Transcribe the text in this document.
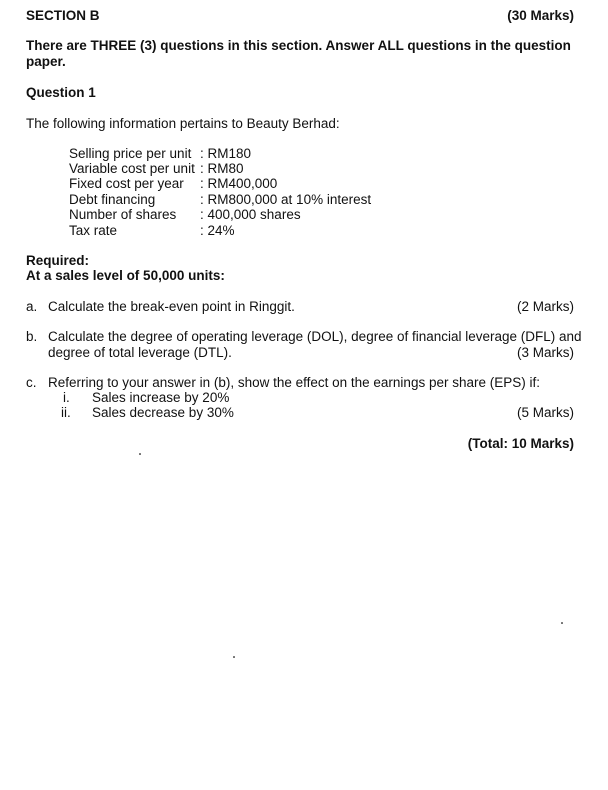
SECTION B	(30 Marks)
There are THREE (3) questions in this section. Answer ALL questions in the question
paper.
Question 1
The following information pertains to Beauty Berhad:
Selling price per unit : RM180
Variable cost per unit : RM80
Fixed cost per year : RM400,000
Debt financing	: RM800,000 at 10% interest
Number of shares : 400,000 shares
Tax rate	: 24%
Required:
At a sales level of 50,000 units:
a. Calculate the break-even point in Ringgit.	(2 Marks)
b. Calculate the degree of operating leverage (DOL), degree of financial leverage (DFL) and
degree of total leverage (DTL).	(3 Marks)
c. Referring to your answer in (b), show the effect on the earnings per share (EPS) if:
i. Sales increase by 20%
ii. Sales decrease by 30%	(5 Marks)
(Total: 10 Marks)
